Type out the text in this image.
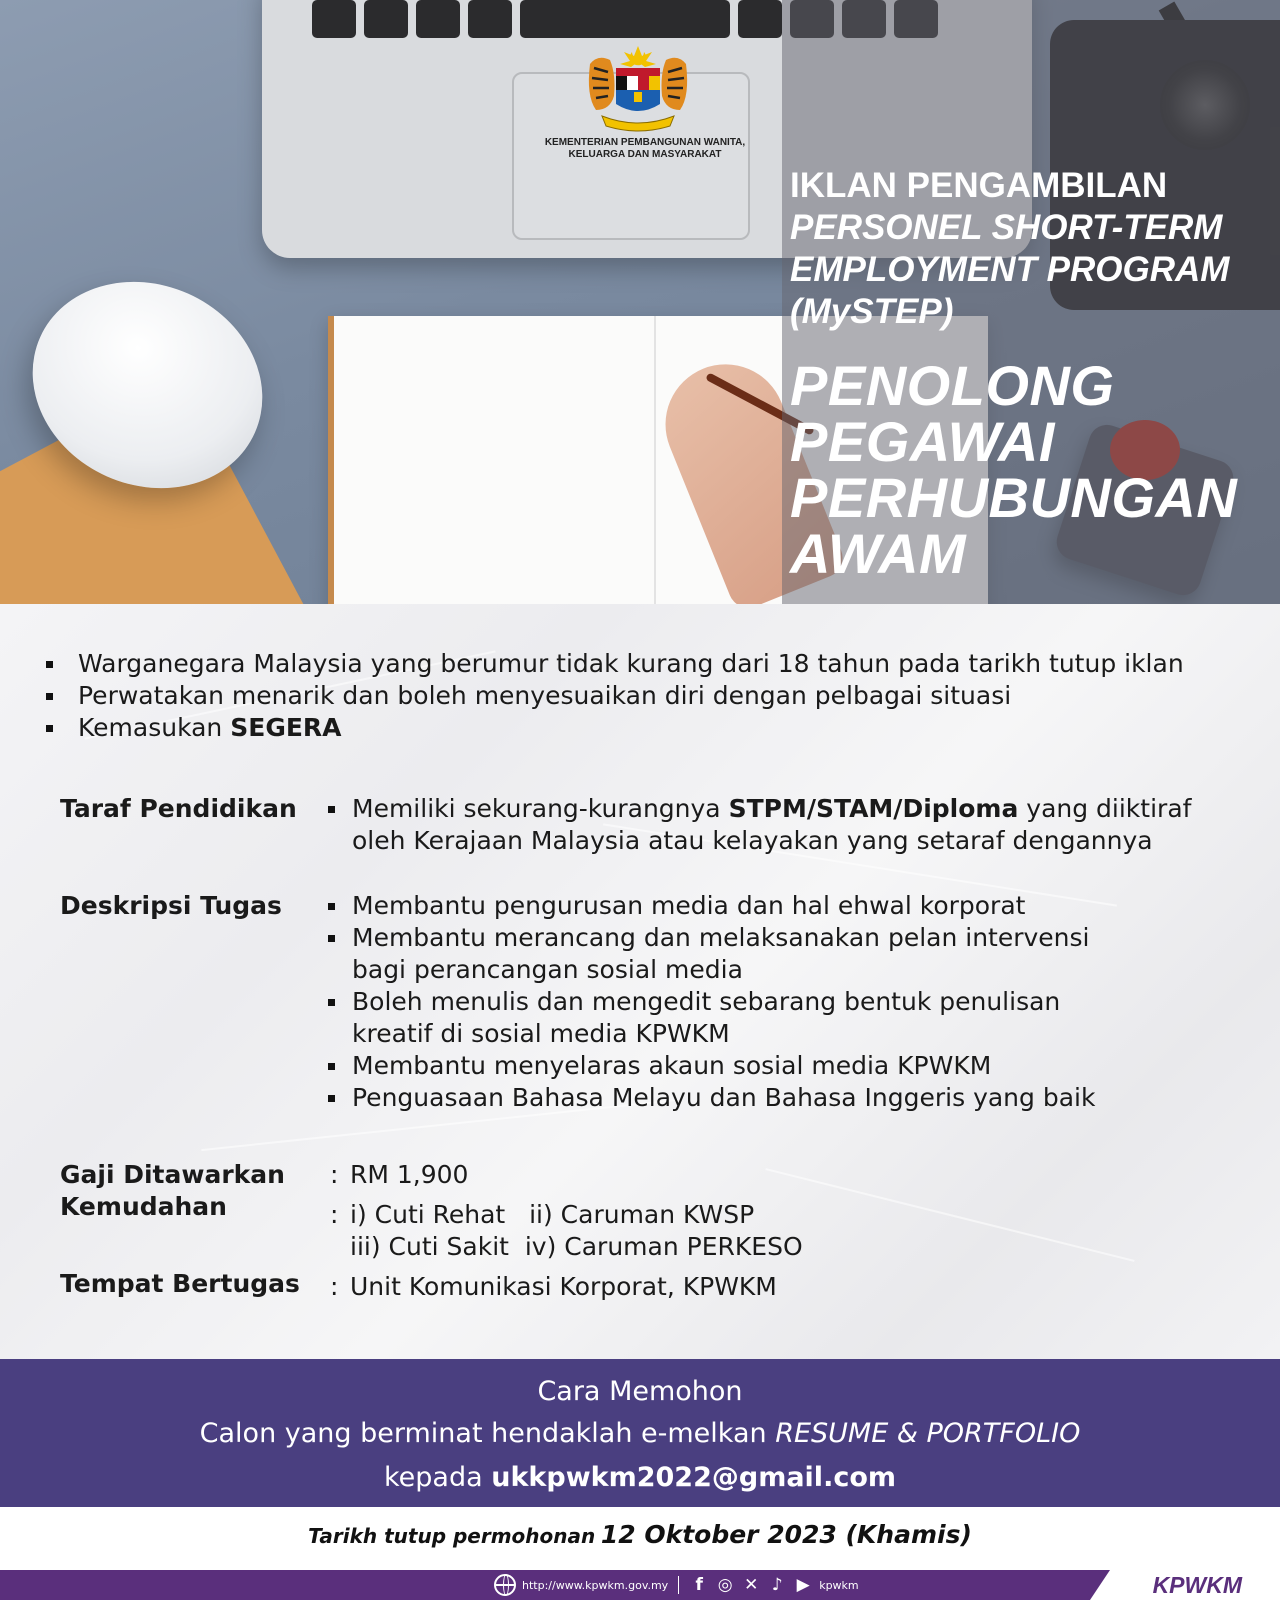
KEMENTERIAN PEMBANGUNAN WANITA,
KELUARGA DAN MASYARAKAT
IKLAN PENGAMBILAN
PERSONEL SHORT-TERM
EMPLOYMENT PROGRAM
(MySTEP)
PENOLONG
PEGAWAI
PERHUBUNGAN
AWAM
Warganegara Malaysia yang berumur tidak kurang dari 18 tahun pada tarikh tutup iklan
Perwatakan menarik dan boleh menyesuaikan diri dengan pelbagai situasi
Kemasukan SEGERA
Taraf Pendidikan	Memiliki sekurang-kurangnya STPM/STAM/Diploma yang diiktiraf oleh Kerajaan Malaysia atau kelayakan yang setaraf dengannya
Deskripsi Tugas	Membantu pengurusan media dan hal ehwal korporat
Membantu merancang dan melaksanakan pelan intervensi bagi perancangan sosial media
Boleh menulis dan mengedit sebarang bentuk penulisan kreatif di sosial media KPWKM
Membantu menyelaras akaun sosial media KPWKM
Penguasaan Bahasa Melayu dan Bahasa Inggeris yang baik
Gaji Ditawarkan : RM 1,900
Kemudahan	: i) Cuti Rehat   ii) Caruman KWSP
iii) Cuti Sakit  iv) Caruman PERKESO
Tempat Bertugas : Unit Komunikasi Korporat, KPWKM
Cara Memohon
Calon yang berminat hendaklah e-melkan RESUME & PORTFOLIO
kepada ukkpwkm2022@gmail.com
Tarikh tutup permohonan 12 Oktober 2023 (Khamis)
http://www.kpwkm.gov.my	f ◎ ✕ ♪ ▶ kpwkm	KPWKM
